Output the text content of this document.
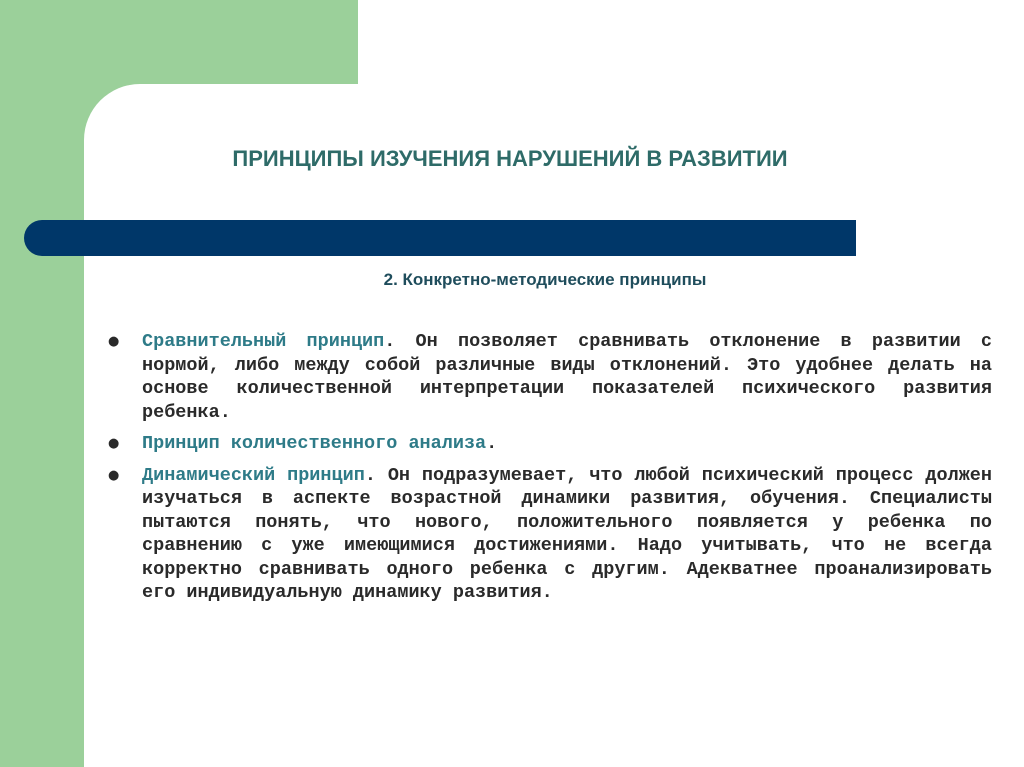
ПРИНЦИПЫ ИЗУЧЕНИЯ НАРУШЕНИЙ В РАЗВИТИИ
2. Конкретно-методические принципы
● Сравнительный принцип. Он позволяет сравнивать отклонение в развитии с нормой, либо между собой различные виды отклонений. Это удобнее делать на основе количественной интерпретации показателей психического развития ребенка.
● Принцип количественного анализа.
● Динамический принцип. Он подразумевает, что любой психический процесс должен изучаться в аспекте возрастной динамики развития, обучения. Специалисты пытаются понять, что нового, положительного появляется у ребенка по сравнению с уже имеющимися достижениями. Надо учитывать, что не всегда корректно сравнивать одного ребенка с другим. Адекватнее проанализировать его индивидуальную динамику развития.
